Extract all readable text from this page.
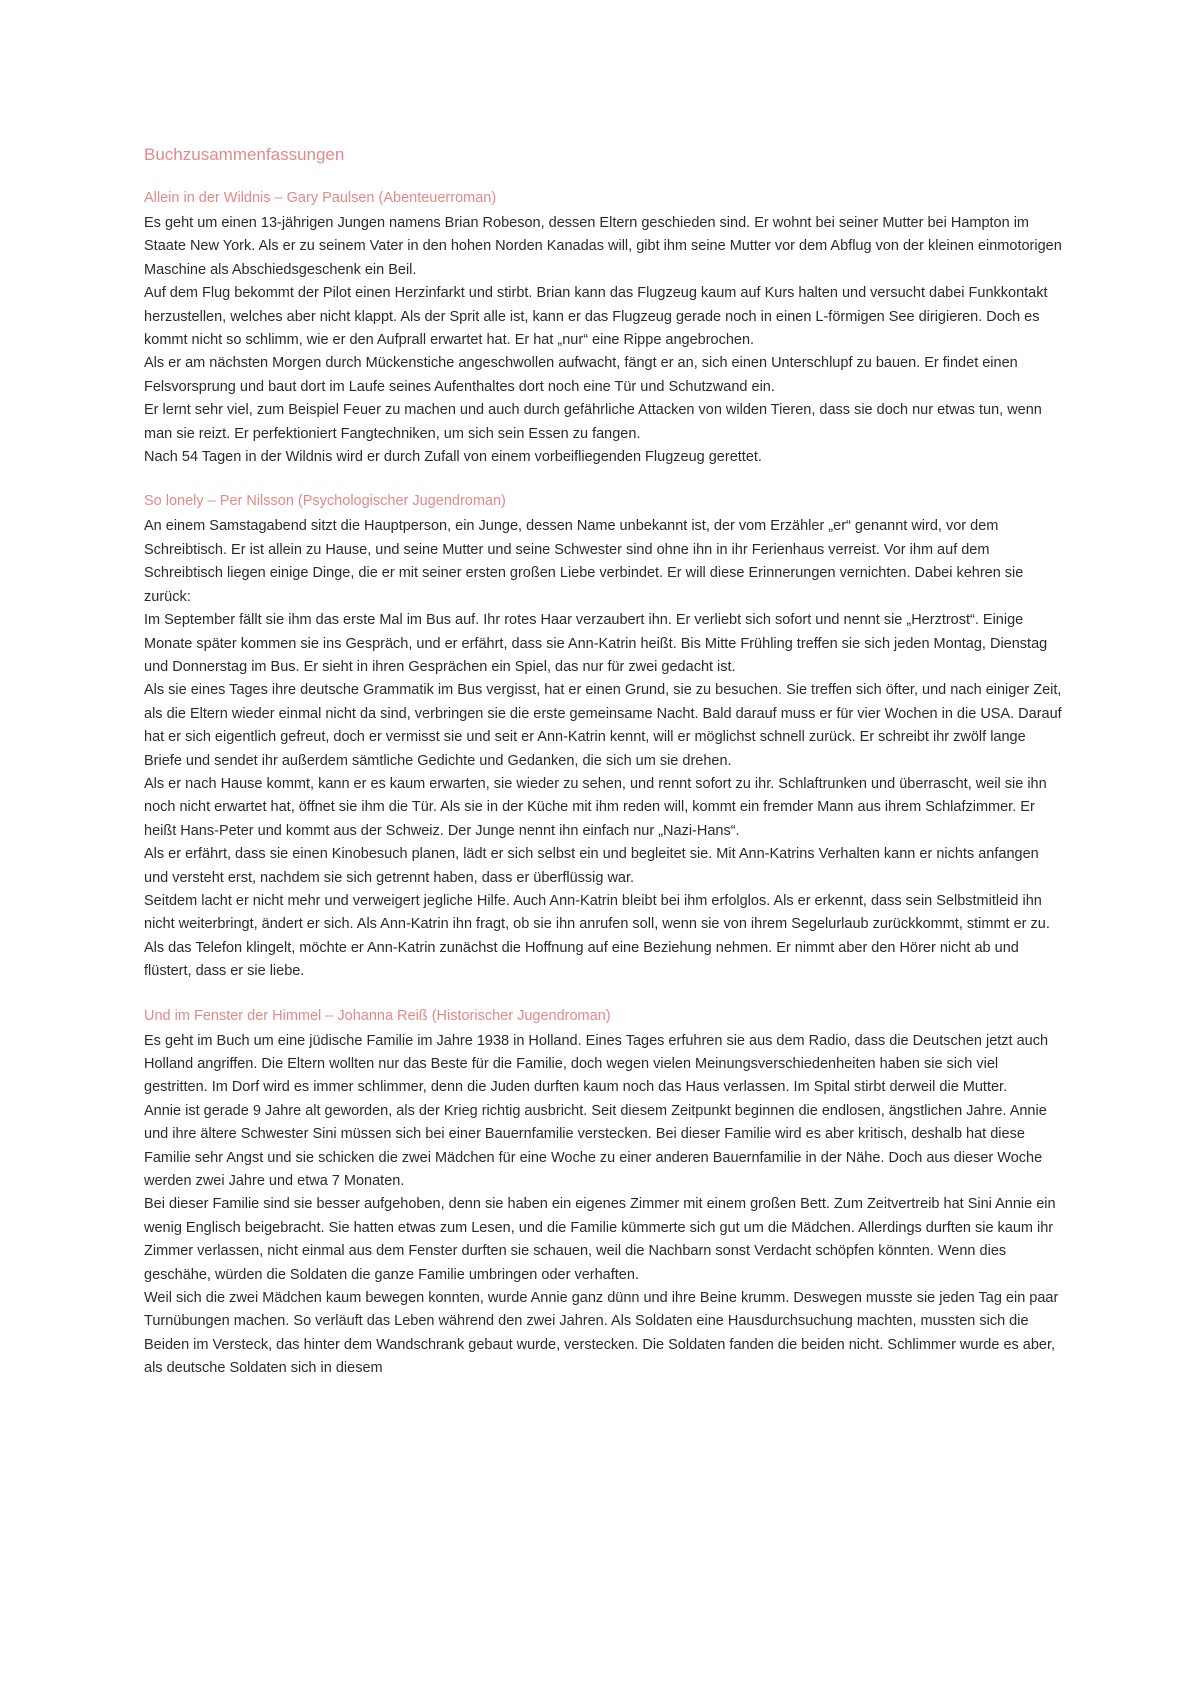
Buchzusammenfassungen
Allein in der Wildnis – Gary Paulsen (Abenteuerroman)

Es geht um einen 13-jährigen Jungen namens Brian Robeson, dessen Eltern geschieden sind. Er wohnt bei seiner Mutter bei Hampton im Staate New York. Als er zu seinem Vater in den hohen Norden Kanadas will, gibt ihm seine Mutter vor dem Abflug von der kleinen einmotorigen Maschine als Abschiedsgeschenk ein Beil.

Auf dem Flug bekommt der Pilot einen Herzinfarkt und stirbt. Brian kann das Flugzeug kaum auf Kurs halten und versucht dabei Funkkontakt herzustellen, welches aber nicht klappt. Als der Sprit alle ist, kann er das Flugzeug gerade noch in einen L-förmigen See dirigieren. Doch es kommt nicht so schlimm, wie er den Aufprall erwartet hat. Er hat „nur“ eine Rippe angebrochen.

Als er am nächsten Morgen durch Mückenstiche angeschwollen aufwacht, fängt er an, sich einen Unterschlupf zu bauen. Er findet einen Felsvorsprung und baut dort im Laufe seines Aufenthaltes dort noch eine Tür und Schutzwand ein.

Er lernt sehr viel, zum Beispiel Feuer zu machen und auch durch gefährliche Attacken von wilden Tieren, dass sie doch nur etwas tun, wenn man sie reizt. Er perfektioniert Fangtechniken, um sich sein Essen zu fangen.

Nach 54 Tagen in der Wildnis wird er durch Zufall von einem vorbeifliegenden Flugzeug gerettet.

So lonely – Per Nilsson (Psychologischer Jugendroman)

An einem Samstagabend sitzt die Hauptperson, ein Junge, dessen Name unbekannt ist, der vom Erzähler „er“ genannt wird, vor dem Schreibtisch. Er ist allein zu Hause, und seine Mutter und seine Schwester sind ohne ihn in ihr Ferienhaus verreist. Vor ihm auf dem Schreibtisch liegen einige Dinge, die er mit seiner ersten großen Liebe verbindet. Er will diese Erinnerungen vernichten. Dabei kehren sie zurück:

Im September fällt sie ihm das erste Mal im Bus auf. Ihr rotes Haar verzaubert ihn. Er verliebt sich sofort und nennt sie „Herztrost“. Einige Monate später kommen sie ins Gespräch, und er erfährt, dass sie Ann-Katrin heißt. Bis Mitte Frühling treffen sie sich jeden Montag, Dienstag und Donnerstag im Bus. Er sieht in ihren Gesprächen ein Spiel, das nur für zwei gedacht ist.

Als sie eines Tages ihre deutsche Grammatik im Bus vergisst, hat er einen Grund, sie zu besuchen. Sie treffen sich öfter, und nach einiger Zeit, als die Eltern wieder einmal nicht da sind, verbringen sie die erste gemeinsame Nacht. Bald darauf muss er für vier Wochen in die USA. Darauf hat er sich eigentlich gefreut, doch er vermisst sie und seit er Ann-Katrin kennt, will er möglichst schnell zurück. Er schreibt ihr zwölf lange Briefe und sendet ihr außerdem sämtliche Gedichte und Gedanken, die sich um sie drehen.

Als er nach Hause kommt, kann er es kaum erwarten, sie wieder zu sehen, und rennt sofort zu ihr. Schlaftrunken und überrascht, weil sie ihn noch nicht erwartet hat, öffnet sie ihm die Tür. Als sie in der Küche mit ihm reden will, kommt ein fremder Mann aus ihrem Schlafzimmer. Er heißt Hans-Peter und kommt aus der Schweiz. Der Junge nennt ihn einfach nur „Nazi-Hans“.

Als er erfährt, dass sie einen Kinobesuch planen, lädt er sich selbst ein und begleitet sie. Mit Ann-Katrins Verhalten kann er nichts anfangen und versteht erst, nachdem sie sich getrennt haben, dass er überflüssig war.

Seitdem lacht er nicht mehr und verweigert jegliche Hilfe. Auch Ann-Katrin bleibt bei ihm erfolglos. Als er erkennt, dass sein Selbstmitleid ihn nicht weiterbringt, ändert er sich. Als Ann-Katrin ihn fragt, ob sie ihn anrufen soll, wenn sie von ihrem Segelurlaub zurückkommt, stimmt er zu.

Als das Telefon klingelt, möchte er Ann-Katrin zunächst die Hoffnung auf eine Beziehung nehmen. Er nimmt aber den Hörer nicht ab und flüstert, dass er sie liebe.

Und im Fenster der Himmel – Johanna Reiß (Historischer Jugendroman)

Es geht im Buch um eine jüdische Familie im Jahre 1938 in Holland. Eines Tages erfuhren sie aus dem Radio, dass die Deutschen jetzt auch Holland angriffen. Die Eltern wollten nur das Beste für die Familie, doch wegen vielen Meinungsverschiedenheiten haben sie sich viel gestritten. Im Dorf wird es immer schlimmer, denn die Juden durften kaum noch das Haus verlassen. Im Spital stirbt derweil die Mutter.

Annie ist gerade 9 Jahre alt geworden, als der Krieg richtig ausbricht. Seit diesem Zeitpunkt beginnen die endlosen, ängstlichen Jahre. Annie und ihre ältere Schwester Sini müssen sich bei einer Bauernfamilie verstecken. Bei dieser Familie wird es aber kritisch, deshalb hat diese Familie sehr Angst und sie schicken die zwei Mädchen für eine Woche zu einer anderen Bauernfamilie in der Nähe. Doch aus dieser Woche werden zwei Jahre und etwa 7 Monaten.

Bei dieser Familie sind sie besser aufgehoben, denn sie haben ein eigenes Zimmer mit einem großen Bett. Zum Zeitvertreib hat Sini Annie ein wenig Englisch beigebracht. Sie hatten etwas zum Lesen, und die Familie kümmerte sich gut um die Mädchen. Allerdings durften sie kaum ihr Zimmer verlassen, nicht einmal aus dem Fenster durften sie schauen, weil die Nachbarn sonst Verdacht schöpfen könnten. Wenn dies geschähe, würden die Soldaten die ganze Familie umbringen oder verhaften.

Weil sich die zwei Mädchen kaum bewegen konnten, wurde Annie ganz dünn und ihre Beine krumm. Deswegen musste sie jeden Tag ein paar Turnübungen machen. So verläuft das Leben während den zwei Jahren. Als Soldaten eine Hausdurchsuchung machten, mussten sich die Beiden im Versteck, das hinter dem Wandschrank gebaut wurde, verstecken. Die Soldaten fanden die beiden nicht. Schlimmer wurde es aber, als deutsche Soldaten sich in diesem
